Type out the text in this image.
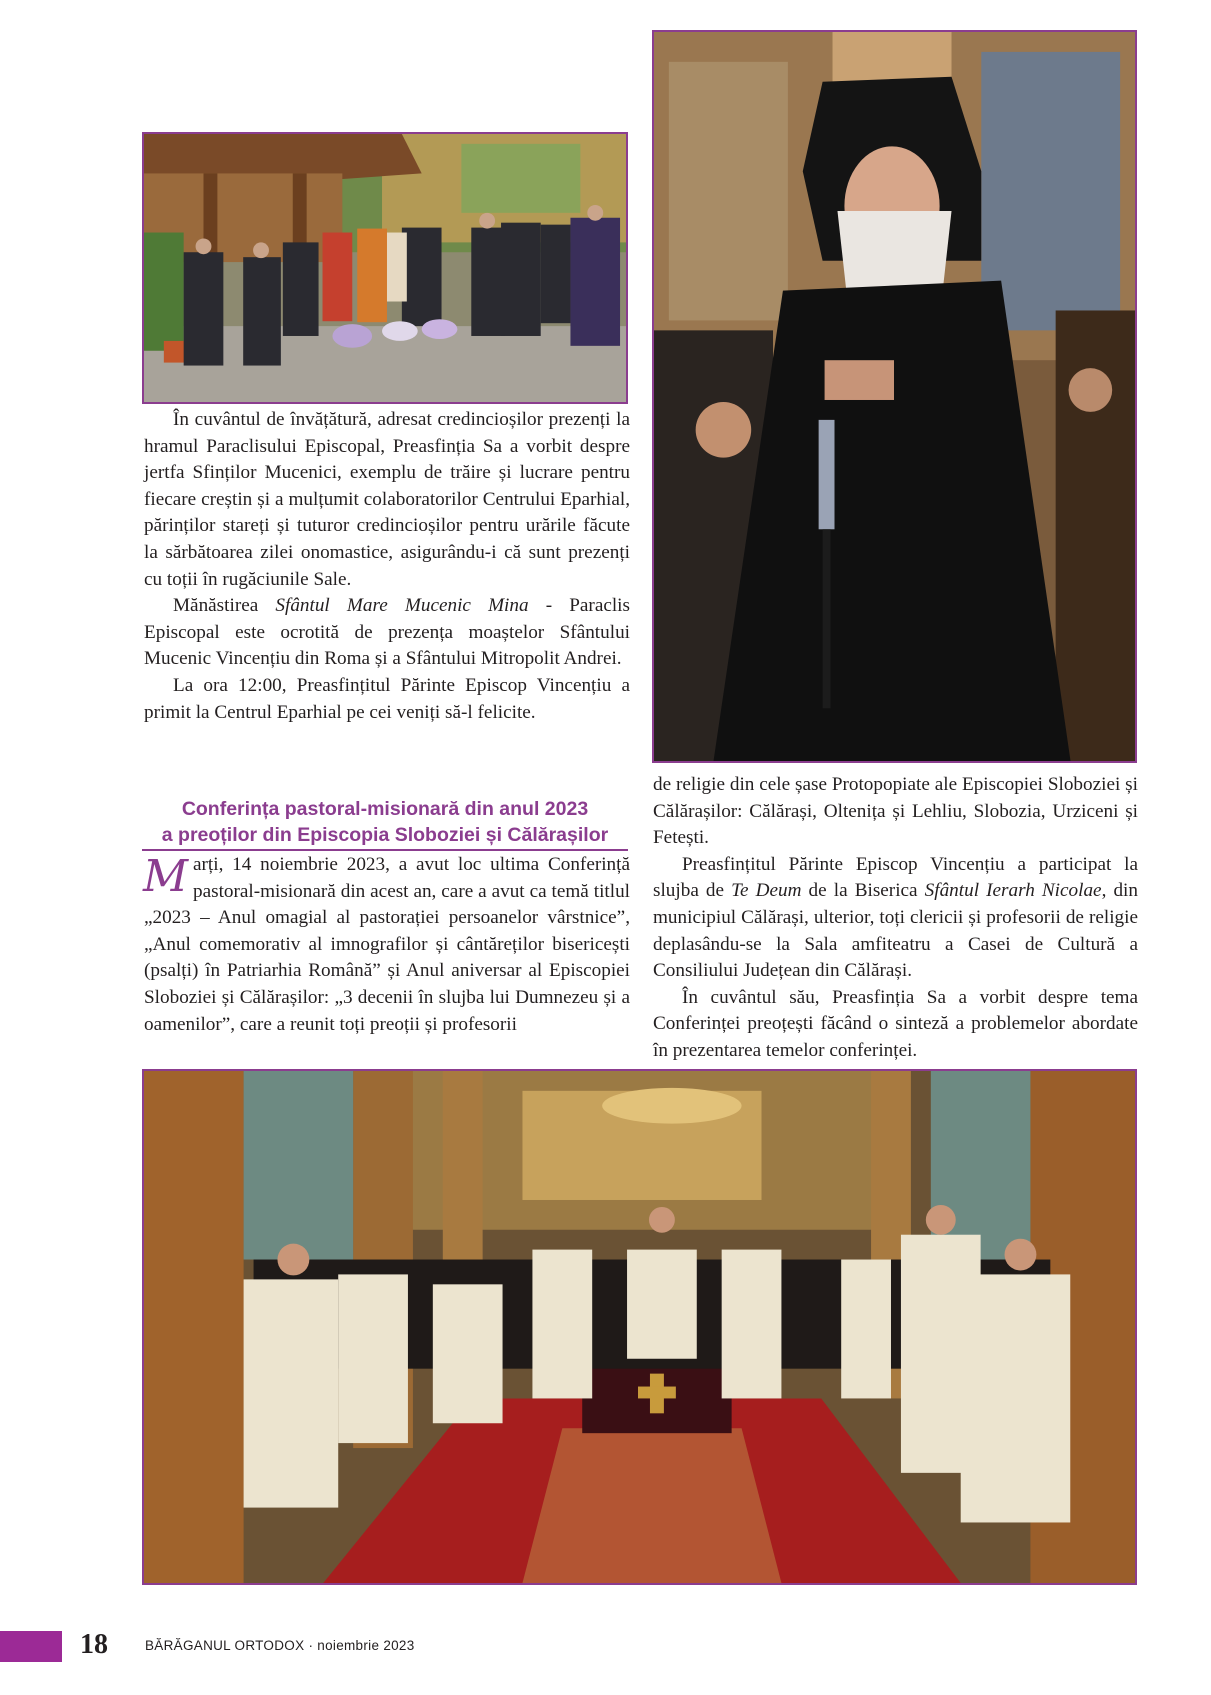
În cuvântul de învățătură, adresat credincioșilor prezenți la hramul Paraclisului Episcopal, Preasfinția Sa a vorbit despre jertfa Sfinților Mucenici, exemplu de trăire și lucrare pentru fiecare creștin și a mulțumit colaboratorilor Centrului Eparhial, părinților stareți și tuturor credincioșilor pentru urările făcute la sărbătoarea zilei onomastice, asigurându-i că sunt prezenți cu toții în rugăciunile Sale.

Mănăstirea Sfântul Mare Mucenic Mina - Paraclis Episcopal este ocrotită de prezența moaștelor Sfântului Mucenic Vincențiu din Roma și a Sfântului Mitropolit Andrei.

La ora 12:00, Preasfințitul Părinte Episcop Vincențiu a primit la Centrul Eparhial pe cei veniți să-l felicite.

Conferința pastoral-misionară din anul 2023
a preoților din Episcopia Sloboziei și Călărașilor

Marți, 14 noiembrie 2023, a avut loc ultima Conferință pastoral-misionară din acest an, care a avut ca temă titlul „2023 – Anul omagial al pastorației persoanelor vârstnice”, „Anul comemorativ al imnografilor și cântăreților bisericești (psalți) în Patriarhia Română” și Anul aniversar al Episcopiei Sloboziei și Călărașilor: „3 decenii în slujba lui Dumnezeu și a oamenilor”, care a reunit toți preoții și profesorii

de religie din cele șase Protopopiate ale Episcopiei Sloboziei și Călărașilor: Călărași, Oltenița și Lehliu, Slobozia, Urziceni și Fetești.

Preasfințitul Părinte Episcop Vincențiu a participat la slujba de Te Deum de la Biserica Sfântul Ierarh Nicolae, din municipiul Călărași, ulterior, toți clericii și profesorii de religie deplasându-se la Sala amfiteatru a Casei de Cultură a Consiliului Județean din Călărași.

În cuvântul său, Preasfinția Sa a vorbit despre tema Conferinței preoțești făcând o sinteză a problemelor abordate în prezentarea temelor conferinței.

18	BĂRĂGANUL ORTODOX · noiembrie 2023
